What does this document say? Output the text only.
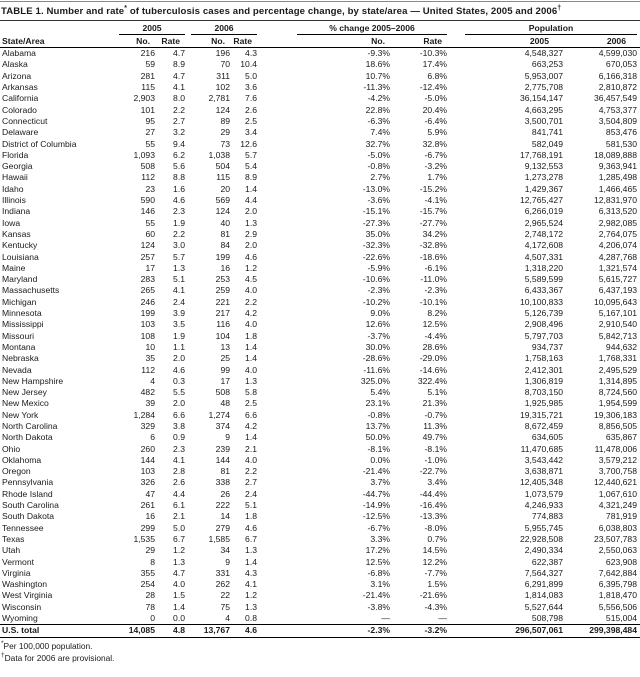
TABLE 1. Number and rate* of tuberculosis cases and percentage change, by state/area — United States, 2005 and 2006†

	2005		2006		% change 2005–2006		Population	

State/Area	No.	Rate	No.	Rate	No.	Rate	2005	2006
Alabama	216	4.7	196	4.3	-9.3%	-10.3%	4,548,327	4,599,030
Alaska	59	8.9	70	10.4	18.6%	17.4%	663,253	670,053
Arizona	281	4.7	311	5.0	10.7%	6.8%	5,953,007	6,166,318
Arkansas	115	4.1	102	3.6	-11.3%	-12.4%	2,775,708	2,810,872
California	2,903	8.0	2,781	7.6	-4.2%	-5.0%	36,154,147	36,457,549
Colorado	101	2.2	124	2.6	22.8%	20.4%	4,663,295	4,753,377
Connecticut	95	2.7	89	2.5	-6.3%	-6.4%	3,500,701	3,504,809
Delaware	27	3.2	29	3.4	7.4%	5.9%	841,741	853,476
District of Columbia	55	9.4	73	12.6	32.7%	32.8%	582,049	581,530
Florida	1,093	6.2	1,038	5.7	-5.0%	-6.7%	17,768,191	18,089,888
Georgia	508	5.6	504	5.4	-0.8%	-3.2%	9,132,553	9,363,941
Hawaii	112	8.8	115	8.9	2.7%	1.7%	1,273,278	1,285,498
Idaho	23	1.6	20	1.4	-13.0%	-15.2%	1,429,367	1,466,465
Illinois	590	4.6	569	4.4	-3.6%	-4.1%	12,765,427	12,831,970
Indiana	146	2.3	124	2.0	-15.1%	-15.7%	6,266,019	6,313,520
Iowa	55	1.9	40	1.3	-27.3%	-27.7%	2,965,524	2,982,085
Kansas	60	2.2	81	2.9	35.0%	34.2%	2,748,172	2,764,075
Kentucky	124	3.0	84	2.0	-32.3%	-32.8%	4,172,608	4,206,074
Louisiana	257	5.7	199	4.6	-22.6%	-18.6%	4,507,331	4,287,768
Maine	17	1.3	16	1.2	-5.9%	-6.1%	1,318,220	1,321,574
Maryland	283	5.1	253	4.5	-10.6%	-11.0%	5,589,599	5,615,727
Massachusetts	265	4.1	259	4.0	-2.3%	-2.3%	6,433,367	6,437,193
Michigan	246	2.4	221	2.2	-10.2%	-10.1%	10,100,833	10,095,643
Minnesota	199	3.9	217	4.2	9.0%	8.2%	5,126,739	5,167,101
Mississippi	103	3.5	116	4.0	12.6%	12.5%	2,908,496	2,910,540
Missouri	108	1.9	104	1.8	-3.7%	-4.4%	5,797,703	5,842,713
Montana	10	1.1	13	1.4	30.0%	28.6%	934,737	944,632
Nebraska	35	2.0	25	1.4	-28.6%	-29.0%	1,758,163	1,768,331
Nevada	112	4.6	99	4.0	-11.6%	-14.6%	2,412,301	2,495,529
New Hampshire	4	0.3	17	1.3	325.0%	322.4%	1,306,819	1,314,895
New Jersey	482	5.5	508	5.8	5.4%	5.1%	8,703,150	8,724,560
New Mexico	39	2.0	48	2.5	23.1%	21.3%	1,925,985	1,954,599
New York	1,284	6.6	1,274	6.6	-0.8%	-0.7%	19,315,721	19,306,183
North Carolina	329	3.8	374	4.2	13.7%	11.3%	8,672,459	8,856,505
North Dakota	6	0.9	9	1.4	50.0%	49.7%	634,605	635,867
Ohio	260	2.3	239	2.1	-8.1%	-8.1%	11,470,685	11,478,006
Oklahoma	144	4.1	144	4.0	0.0%	-1.0%	3,543,442	3,579,212
Oregon	103	2.8	81	2.2	-21.4%	-22.7%	3,638,871	3,700,758
Pennsylvania	326	2.6	338	2.7	3.7%	3.4%	12,405,348	12,440,621
Rhode Island	47	4.4	26	2.4	-44.7%	-44.4%	1,073,579	1,067,610
South Carolina	261	6.1	222	5.1	-14.9%	-16.4%	4,246,933	4,321,249
South Dakota	16	2.1	14	1.8	-12.5%	-13.3%	774,883	781,919
Tennessee	299	5.0	279	4.6	-6.7%	-8.0%	5,955,745	6,038,803
Texas	1,535	6.7	1,585	6.7	3.3%	0.7%	22,928,508	23,507,783
Utah	29	1.2	34	1.3	17.2%	14.5%	2,490,334	2,550,063
Vermont	8	1.3	9	1.4	12.5%	12.2%	622,387	623,908
Virginia	355	4.7	331	4.3	-6.8%	-7.7%	7,564,327	7,642,884
Washington	254	4.0	262	4.1	3.1%	1.5%	6,291,899	6,395,798
West Virginia	28	1.5	22	1.2	-21.4%	-21.6%	1,814,083	1,818,470
Wisconsin	78	1.4	75	1.3	-3.8%	-4.3%	5,527,644	5,556,506
Wyoming	0	0.0	4	0.8	—	—	508,798	515,004
U.S. total	14,085	4.8	13,767	4.6	-2.3%	-3.2%	296,507,061	299,398,484
*Per 100,000 population.
†Data for 2006 are provisional.
